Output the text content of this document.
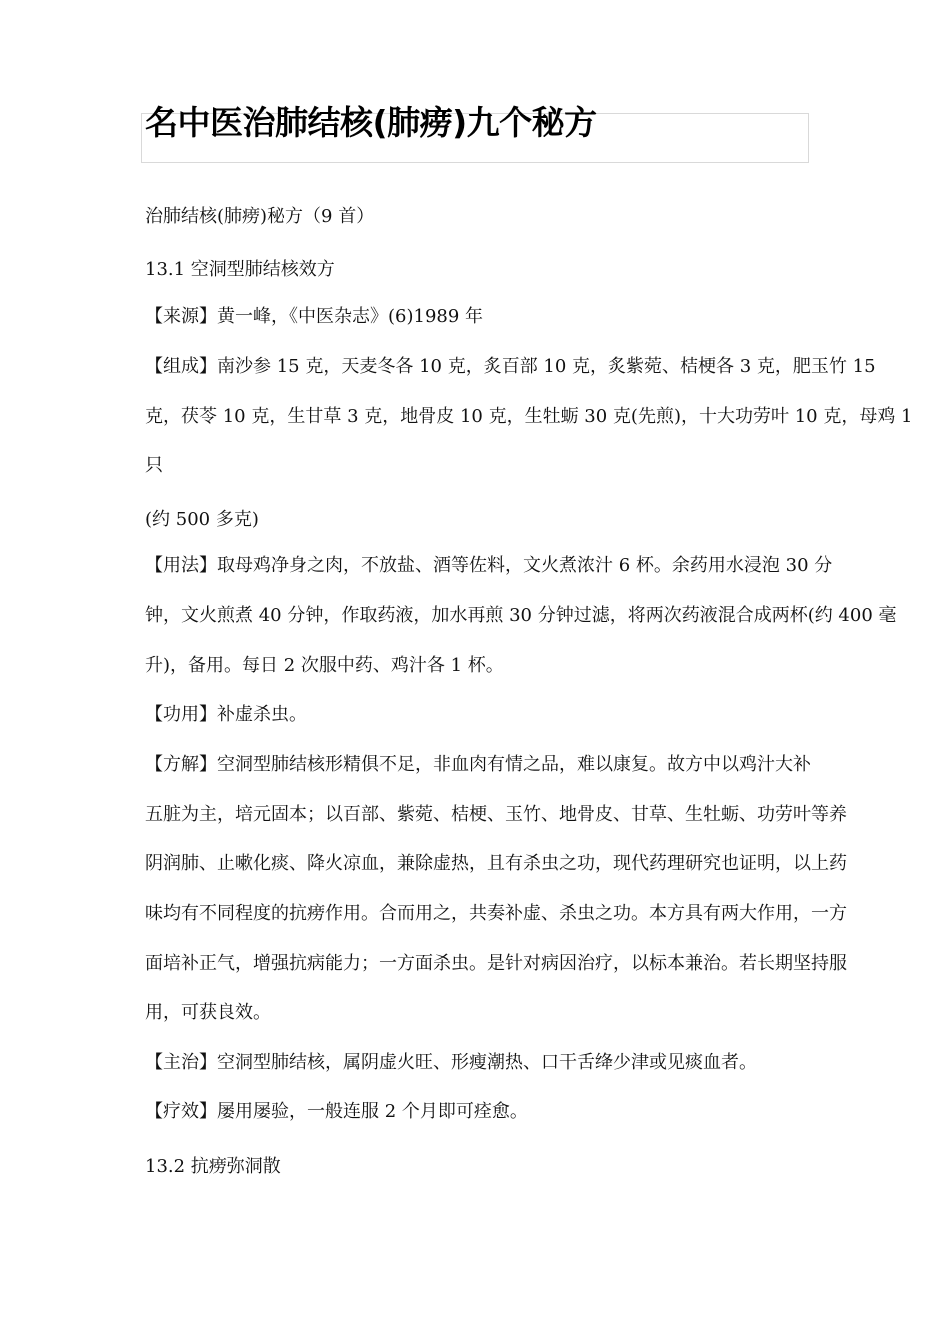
名中医治肺结核(肺痨)九个秘方

治肺结核(肺痨)秘方（9 首）

13.1 空洞型肺结核效方

【来源】黄一峰，《中医杂志》(6)1989 年

【组成】南沙参 15 克，天麦冬各 10 克，炙百部 10 克，炙紫菀、桔梗各 3 克，肥玉竹 15

克，茯苓 10 克，生甘草 3 克，地骨皮 10 克，生牡蛎 30 克(先煎)，十大功劳叶 10 克，母鸡 1

只

(约 500 多克)

【用法】取母鸡净身之肉，不放盐、酒等佐料，文火煮浓汁 6 杯。余药用水浸泡 30 分

钟，文火煎煮 40 分钟，作取药液，加水再煎 30 分钟过滤，将两次药液混合成两杯(约 400 毫

升)，备用。每日 2 次服中药、鸡汁各 1 杯。

【功用】补虚杀虫。

【方解】空洞型肺结核形精俱不足，非血肉有情之品，难以康复。故方中以鸡汁大补

五脏为主，培元固本；以百部、紫菀、桔梗、玉竹、地骨皮、甘草、生牡蛎、功劳叶等养

阴润肺、止嗽化痰、降火凉血，兼除虚热，且有杀虫之功，现代药理研究也证明，以上药

味均有不同程度的抗痨作用。合而用之，共奏补虚、杀虫之功。本方具有两大作用，一方

面培补正气，增强抗病能力；一方面杀虫。是针对病因治疗，以标本兼治。若长期坚持服

用，可获良效。

【主治】空洞型肺结核，属阴虚火旺、形瘦潮热、口干舌绛少津或见痰血者。

【疗效】屡用屡验，一般连服 2 个月即可痊愈。

13.2 抗痨弥洞散
